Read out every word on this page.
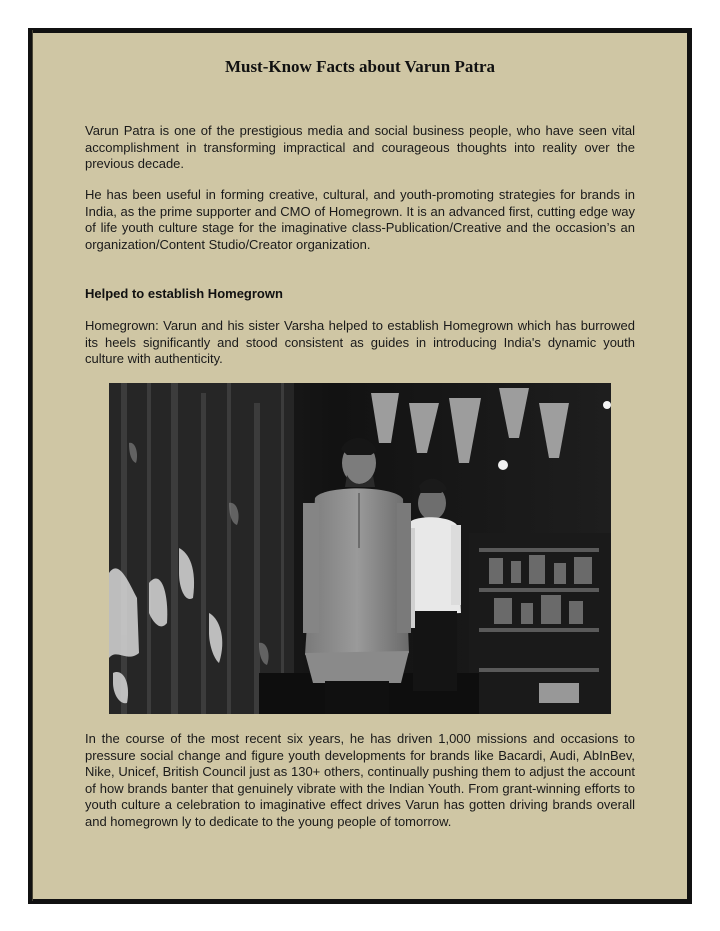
Must-Know Facts about Varun Patra

Varun Patra is one of the prestigious media and social business people, who have seen vital accomplishment in transforming impractical and courageous thoughts into reality over the previous decade.

He has been useful in forming creative, cultural, and youth-promoting strategies for brands in India, as the prime supporter and CMO of Homegrown. It is an advanced first, cutting edge way of life youth culture stage for the imaginative class-Publication/Creative and the occasion’s an organization/Content Studio/Creator organization.

Helped to establish Homegrown

Homegrown: Varun and his sister Varsha helped to establish Homegrown which has burrowed its heels significantly and stood consistent as guides in introducing India's dynamic youth culture with authenticity.

In the course of the most recent six years, he has driven 1,000 missions and occasions to pressure social change and figure youth developments for brands like Bacardi, Audi, AbInBev, Nike, Unicef, British Council just as 130+ others, continually pushing them to adjust the account of how brands banter that genuinely vibrate with the Indian Youth. From grant-winning efforts to youth culture a celebration to imaginative effect drives Varun has gotten driving brands overall and homegrown ly to dedicate to the young people of tomorrow.
